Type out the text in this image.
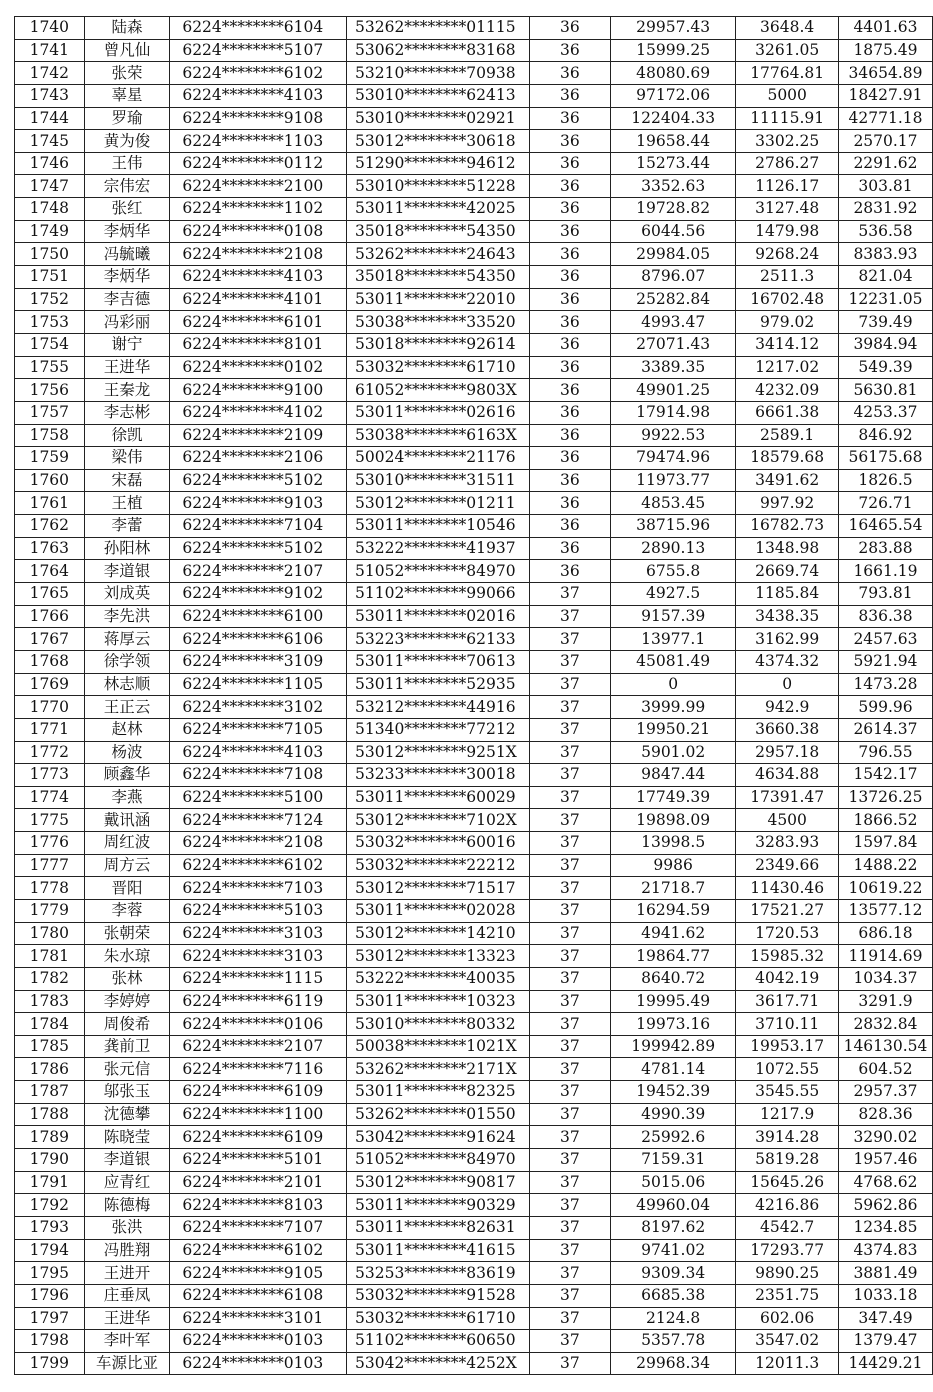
1740	陆森	6224********6104	53262********01115	36	29957.43	3648.4	4401.63
1741	曾凡仙	6224********5107	53062********83168	36	15999.25	3261.05	1875.49
1742	张荣	6224********6102	53210********70938	36	48080.69	17764.81	34654.89
1743	辜星	6224********4103	53010********62413	36	97172.06	5000	18427.91
1744	罗瑜	6224********9108	53010********02921	36	122404.33	11115.91	42771.18
1745	黄为俊	6224********1103	53012********30618	36	19658.44	3302.25	2570.17
1746	王伟	6224********0112	51290********94612	36	15273.44	2786.27	2291.62
1747	宗伟宏	6224********2100	53010********51228	36	3352.63	1126.17	303.81
1748	张红	6224********1102	53011********42025	36	19728.82	3127.48	2831.92
1749	李炳华	6224********0108	35018********54350	36	6044.56	1479.98	536.58
1750	冯毓曦	6224********2108	53262********24643	36	29984.05	9268.24	8383.93
1751	李炳华	6224********4103	35018********54350	36	8796.07	2511.3	821.04
1752	李吉德	6224********4101	53011********22010	36	25282.84	16702.48	12231.05
1753	冯彩丽	6224********6101	53038********33520	36	4993.47	979.02	739.49
1754	谢宁	6224********8101	53018********92614	36	27071.43	3414.12	3984.94
1755	王进华	6224********0102	53032********61710	36	3389.35	1217.02	549.39
1756	王秦龙	6224********9100	61052********9803X	36	49901.25	4232.09	5630.81
1757	李志彬	6224********4102	53011********02616	36	17914.98	6661.38	4253.37
1758	徐凯	6224********2109	53038********6163X	36	9922.53	2589.1	846.92
1759	梁伟	6224********2106	50024********21176	36	79474.96	18579.68	56175.68
1760	宋磊	6224********5102	53010********31511	36	11973.77	3491.62	1826.5
1761	王植	6224********9103	53012********01211	36	4853.45	997.92	726.71
1762	李蕾	6224********7104	53011********10546	36	38715.96	16782.73	16465.54
1763	孙阳林	6224********5102	53222********41937	36	2890.13	1348.98	283.88
1764	李道银	6224********2107	51052********84970	36	6755.8	2669.74	1661.19
1765	刘成英	6224********9102	51102********99066	37	4927.5	1185.84	793.81
1766	李先洪	6224********6100	53011********02016	37	9157.39	3438.35	836.38
1767	蒋厚云	6224********6106	53223********62133	37	13977.1	3162.99	2457.63
1768	徐学领	6224********3109	53011********70613	37	45081.49	4374.32	5921.94
1769	林志顺	6224********1105	53011********52935	37	0	0	1473.28
1770	王正云	6224********3102	53212********44916	37	3999.99	942.9	599.96
1771	赵林	6224********7105	51340********77212	37	19950.21	3660.38	2614.37
1772	杨波	6224********4103	53012********9251X	37	5901.02	2957.18	796.55
1773	顾鑫华	6224********7108	53233********30018	37	9847.44	4634.88	1542.17
1774	李燕	6224********5100	53011********60029	37	17749.39	17391.47	13726.25
1775	戴讯涵	6224********7124	53012********7102X	37	19898.09	4500	1866.52
1776	周红波	6224********2108	53032********60016	37	13998.5	3283.93	1597.84
1777	周方云	6224********6102	53032********22212	37	9986	2349.66	1488.22
1778	晋阳	6224********7103	53012********71517	37	21718.7	11430.46	10619.22
1779	李蓉	6224********5103	53011********02028	37	16294.59	17521.27	13577.12
1780	张朝荣	6224********3103	53012********14210	37	4941.62	1720.53	686.18
1781	朱水琼	6224********3103	53012********13323	37	19864.77	15985.32	11914.69
1782	张林	6224********1115	53222********40035	37	8640.72	4042.19	1034.37
1783	李婷婷	6224********6119	53011********10323	37	19995.49	3617.71	3291.9
1784	周俊希	6224********0106	53010********80332	37	19973.16	3710.11	2832.84
1785	龚前卫	6224********2107	50038********1021X	37	199942.89	19953.17	146130.54
1786	张元信	6224********7116	53262********2171X	37	4781.14	1072.55	604.52
1787	邬张玉	6224********6109	53011********82325	37	19452.39	3545.55	2957.37
1788	沈德攀	6224********1100	53262********01550	37	4990.39	1217.9	828.36
1789	陈晓莹	6224********6109	53042********91624	37	25992.6	3914.28	3290.02
1790	李道银	6224********5101	51052********84970	37	7159.31	5819.28	1957.46
1791	应青红	6224********2101	53012********90817	37	5015.06	15645.26	4768.62
1792	陈德梅	6224********8103	53011********90329	37	49960.04	4216.86	5962.86
1793	张洪	6224********7107	53011********82631	37	8197.62	4542.7	1234.85
1794	冯胜翔	6224********6102	53011********41615	37	9741.02	17293.77	4374.83
1795	王进开	6224********9105	53253********83619	37	9309.34	9890.25	3881.49
1796	庄垂凤	6224********6108	53032********91528	37	6685.38	2351.75	1033.18
1797	王进华	6224********3101	53032********61710	37	2124.8	602.06	347.49
1798	李叶军	6224********0103	51102********60650	37	5357.78	3547.02	1379.47
1799	车源比亚	6224********0103	53042********4252X	37	29968.34	12011.3	14429.21
